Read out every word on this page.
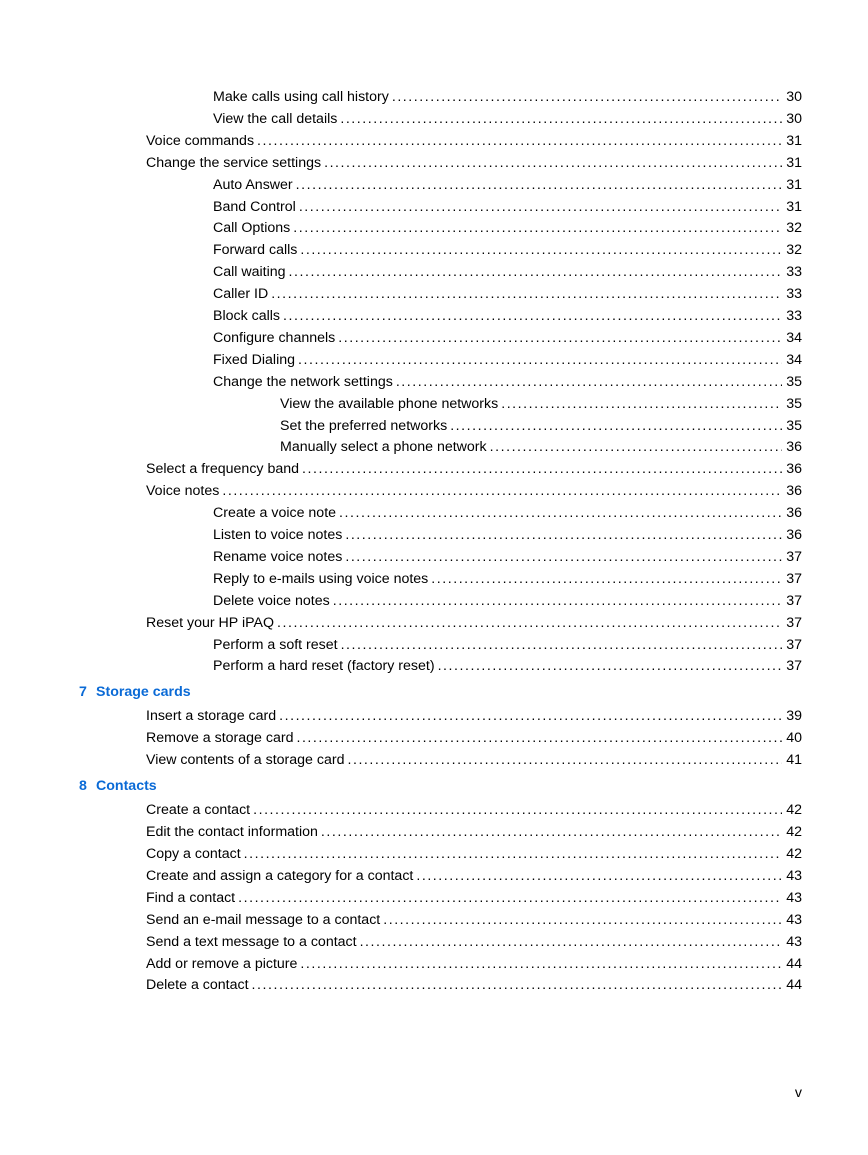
Make calls using call history . . .	30
View the call details . . .	30
Voice commands . . .	31
Change the service settings . . .	31
Auto Answer . . .	31
Band Control . . .	31
Call Options . . .	32
Forward calls . . .	32
Call waiting . . .	33
Caller ID . . .	33
Block calls . . .	33
Configure channels . . .	34
Fixed Dialing . . .	34
Change the network settings . . .	35
View the available phone networks . . .	35
Set the preferred networks . . .	35
Manually select a phone network . . .	36
Select a frequency band . . .	36
Voice notes . . .	36
Create a voice note . . .	36
Listen to voice notes . . .	36
Rename voice notes . . .	37
Reply to e-mails using voice notes . . .	37
Delete voice notes . . .	37
Reset your HP iPAQ . . .	37
Perform a soft reset . . .	37
Perform a hard reset (factory reset) . . .	37
7 Storage cards
Insert a storage card . . .	39
Remove a storage card . . .	40
View contents of a storage card . . .	41
8 Contacts
Create a contact . . .	42
Edit the contact information . . .	42
Copy a contact . . .	42
Create and assign a category for a contact . . .	43
Find a contact . . .	43
Send an e-mail message to a contact . . .	43
Send a text message to a contact . . .	43
Add or remove a picture . . .	44
Delete a contact . . .	44
v
